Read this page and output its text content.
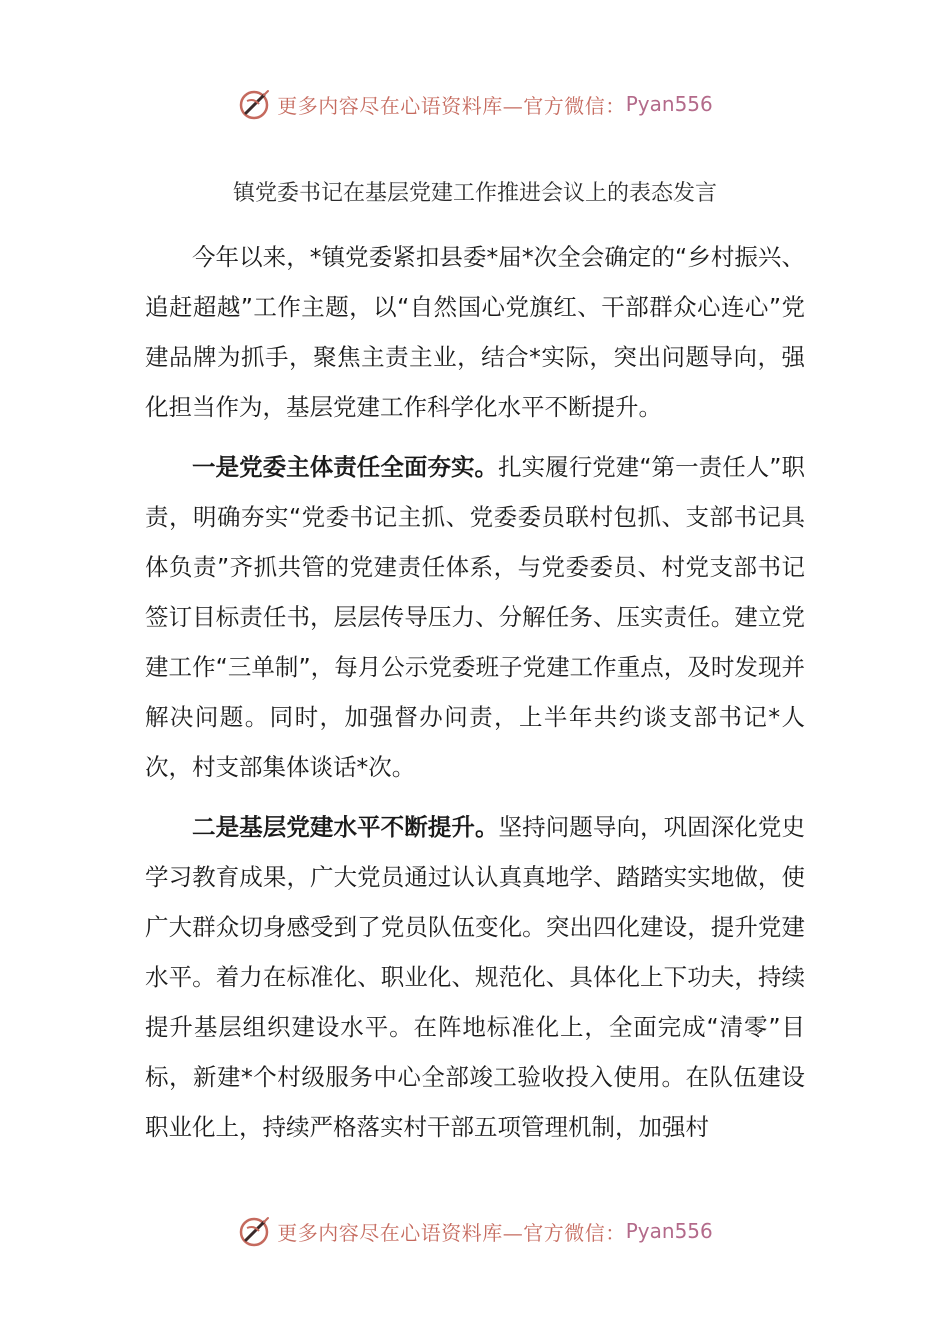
更多内容尽在心语资料库—官方微信： Pyan556
镇党委书记在基层党建工作推进会议上的表态发言

今年以来，*镇党委紧扣县委*届*次全会确定的“乡村振兴、追赶超越”工作主题，以“自然国心党旗红、干部群众心连心”党建品牌为抓手，聚焦主责主业，结合*实际，突出问题导向，强化担当作为，基层党建工作科学化水平不断提升。

一是党委主体责任全面夯实。扎实履行党建“第一责任人”职责，明确夯实“党委书记主抓、党委委员联村包抓、支部书记具体负责”齐抓共管的党建责任体系，与党委委员、村党支部书记签订目标责任书，层层传导压力、分解任务、压实责任。建立党建工作“三单制”，每月公示党委班子党建工作重点，及时发现并解决问题。同时，加强督办问责，上半年共约谈支部书记*人次，村支部集体谈话*次。

二是基层党建水平不断提升。坚持问题导向，巩固深化党史学习教育成果，广大党员通过认认真真地学、踏踏实实地做，使广大群众切身感受到了党员队伍变化。突出四化建设，提升党建水平。着力在标准化、职业化、规范化、具体化上下功夫，持续提升基层组织建设水平。在阵地标准化上，全面完成“清零”目标，新建*个村级服务中心全部竣工验收投入使用。在队伍建设职业化上，持续严格落实村干部五项管理机制，加强村

更多内容尽在心语资料库—官方微信： Pyan556
